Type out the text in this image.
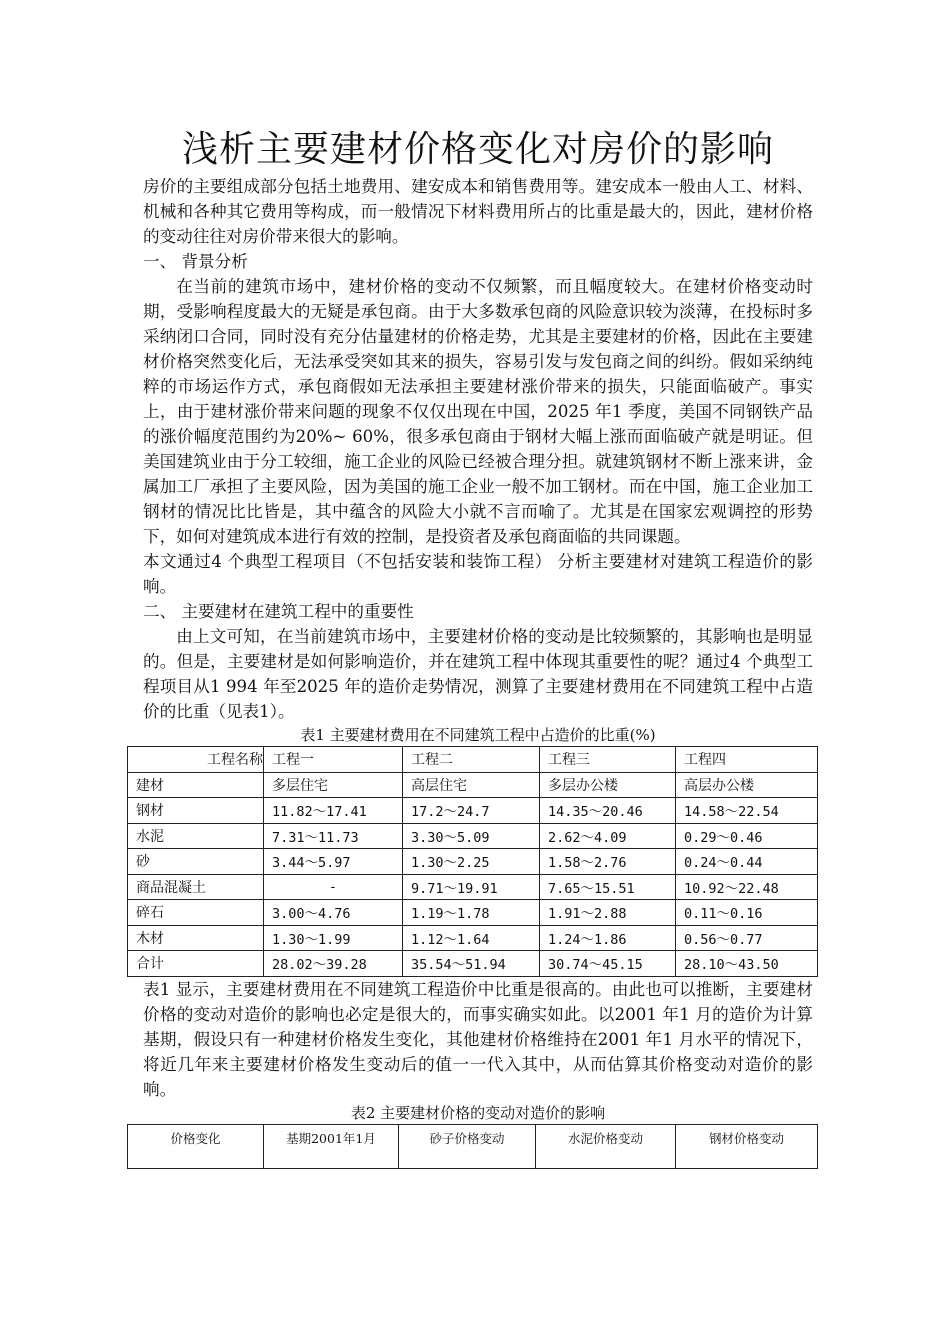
浅析主要建材价格变化对房价的影响

房价的主要组成部分包括土地费用、建安成本和销售费用等。建安成本一般由人工、材料、机械和各种其它费用等构成，而一般情况下材料费用所占的比重是最大的，因此，建材价格的变动往往对房价带来很大的影响。

一、 背景分析

在当前的建筑市场中，建材价格的变动不仅频繁，而且幅度较大。在建材价格变动时期，受影响程度最大的无疑是承包商。由于大多数承包商的风险意识较为淡薄，在投标时多采纳闭口合同，同时没有充分估量建材的价格走势，尤其是主要建材的价格，因此在主要建材价格突然变化后，无法承受突如其来的损失，容易引发与发包商之间的纠纷。假如采纳纯粹的市场运作方式，承包商假如无法承担主要建材涨价带来的损失，只能面临破产。事实上，由于建材涨价带来问题的现象不仅仅出现在中国，2025 年1 季度，美国不同钢铁产品的涨价幅度范围约为20%~ 60%，很多承包商由于钢材大幅上涨而面临破产就是明证。但美国建筑业由于分工较细，施工企业的风险已经被合理分担。就建筑钢材不断上涨来讲，金属加工厂承担了主要风险，因为美国的施工企业一般不加工钢材。而在中国，施工企业加工钢材的情况比比皆是，其中蕴含的风险大小就不言而喻了。尤其是在国家宏观调控的形势下，如何对建筑成本进行有效的控制，是投资者及承包商面临的共同课题。

本文通过4 个典型工程项目（不包括安装和装饰工程） 分析主要建材对建筑工程造价的影响。

二、 主要建材在建筑工程中的重要性

由上文可知，在当前建筑市场中，主要建材价格的变动是比较频繁的，其影响也是明显的。但是，主要建材是如何影响造价，并在建筑工程中体现其重要性的呢？通过4 个典型工程项目从1 994 年至2025 年的造价走势情况，测算了主要建材费用在不同建筑工程中占造价的比重（见表1）。

表1 主要建材费用在不同建筑工程中占造价的比重(%)

工程名称	工程一	工程二	工程三	工程四
建材	多层住宅	高层住宅	多层办公楼	高层办公楼
钢材	11.82～17.41	17.2～24.7	14.35～20.46	14.58～22.54
水泥	7.31～11.73	3.30～5.09	2.62～4.09	0.29～0.46
砂	3.44～5.97	1.30～2.25	1.58～2.76	0.24～0.44
商品混凝土	-	9.71～19.91	7.65～15.51	10.92～22.48
碎石	3.00～4.76	1.19～1.78	1.91～2.88	0.11～0.16
木材	1.30～1.99	1.12～1.64	1.24～1.86	0.56～0.77
合计	28.02～39.28	35.54～51.94	30.74～45.15	28.10～43.50

表1 显示，主要建材费用在不同建筑工程造价中比重是很高的。由此也可以推断，主要建材价格的变动对造价的影响也必定是很大的，而事实确实如此。以2001 年1 月的造价为计算基期，假设只有一种建材价格发生变化，其他建材价格维持在2001 年1 月水平的情况下，将近几年来主要建材价格发生变动后的值一一代入其中，从而估算其价格变动对造价的影响。

表2 主要建材价格的变动对造价的影响

价格变化	基期2001年1月	砂子价格变动	水泥价格变动	钢材价格变动
